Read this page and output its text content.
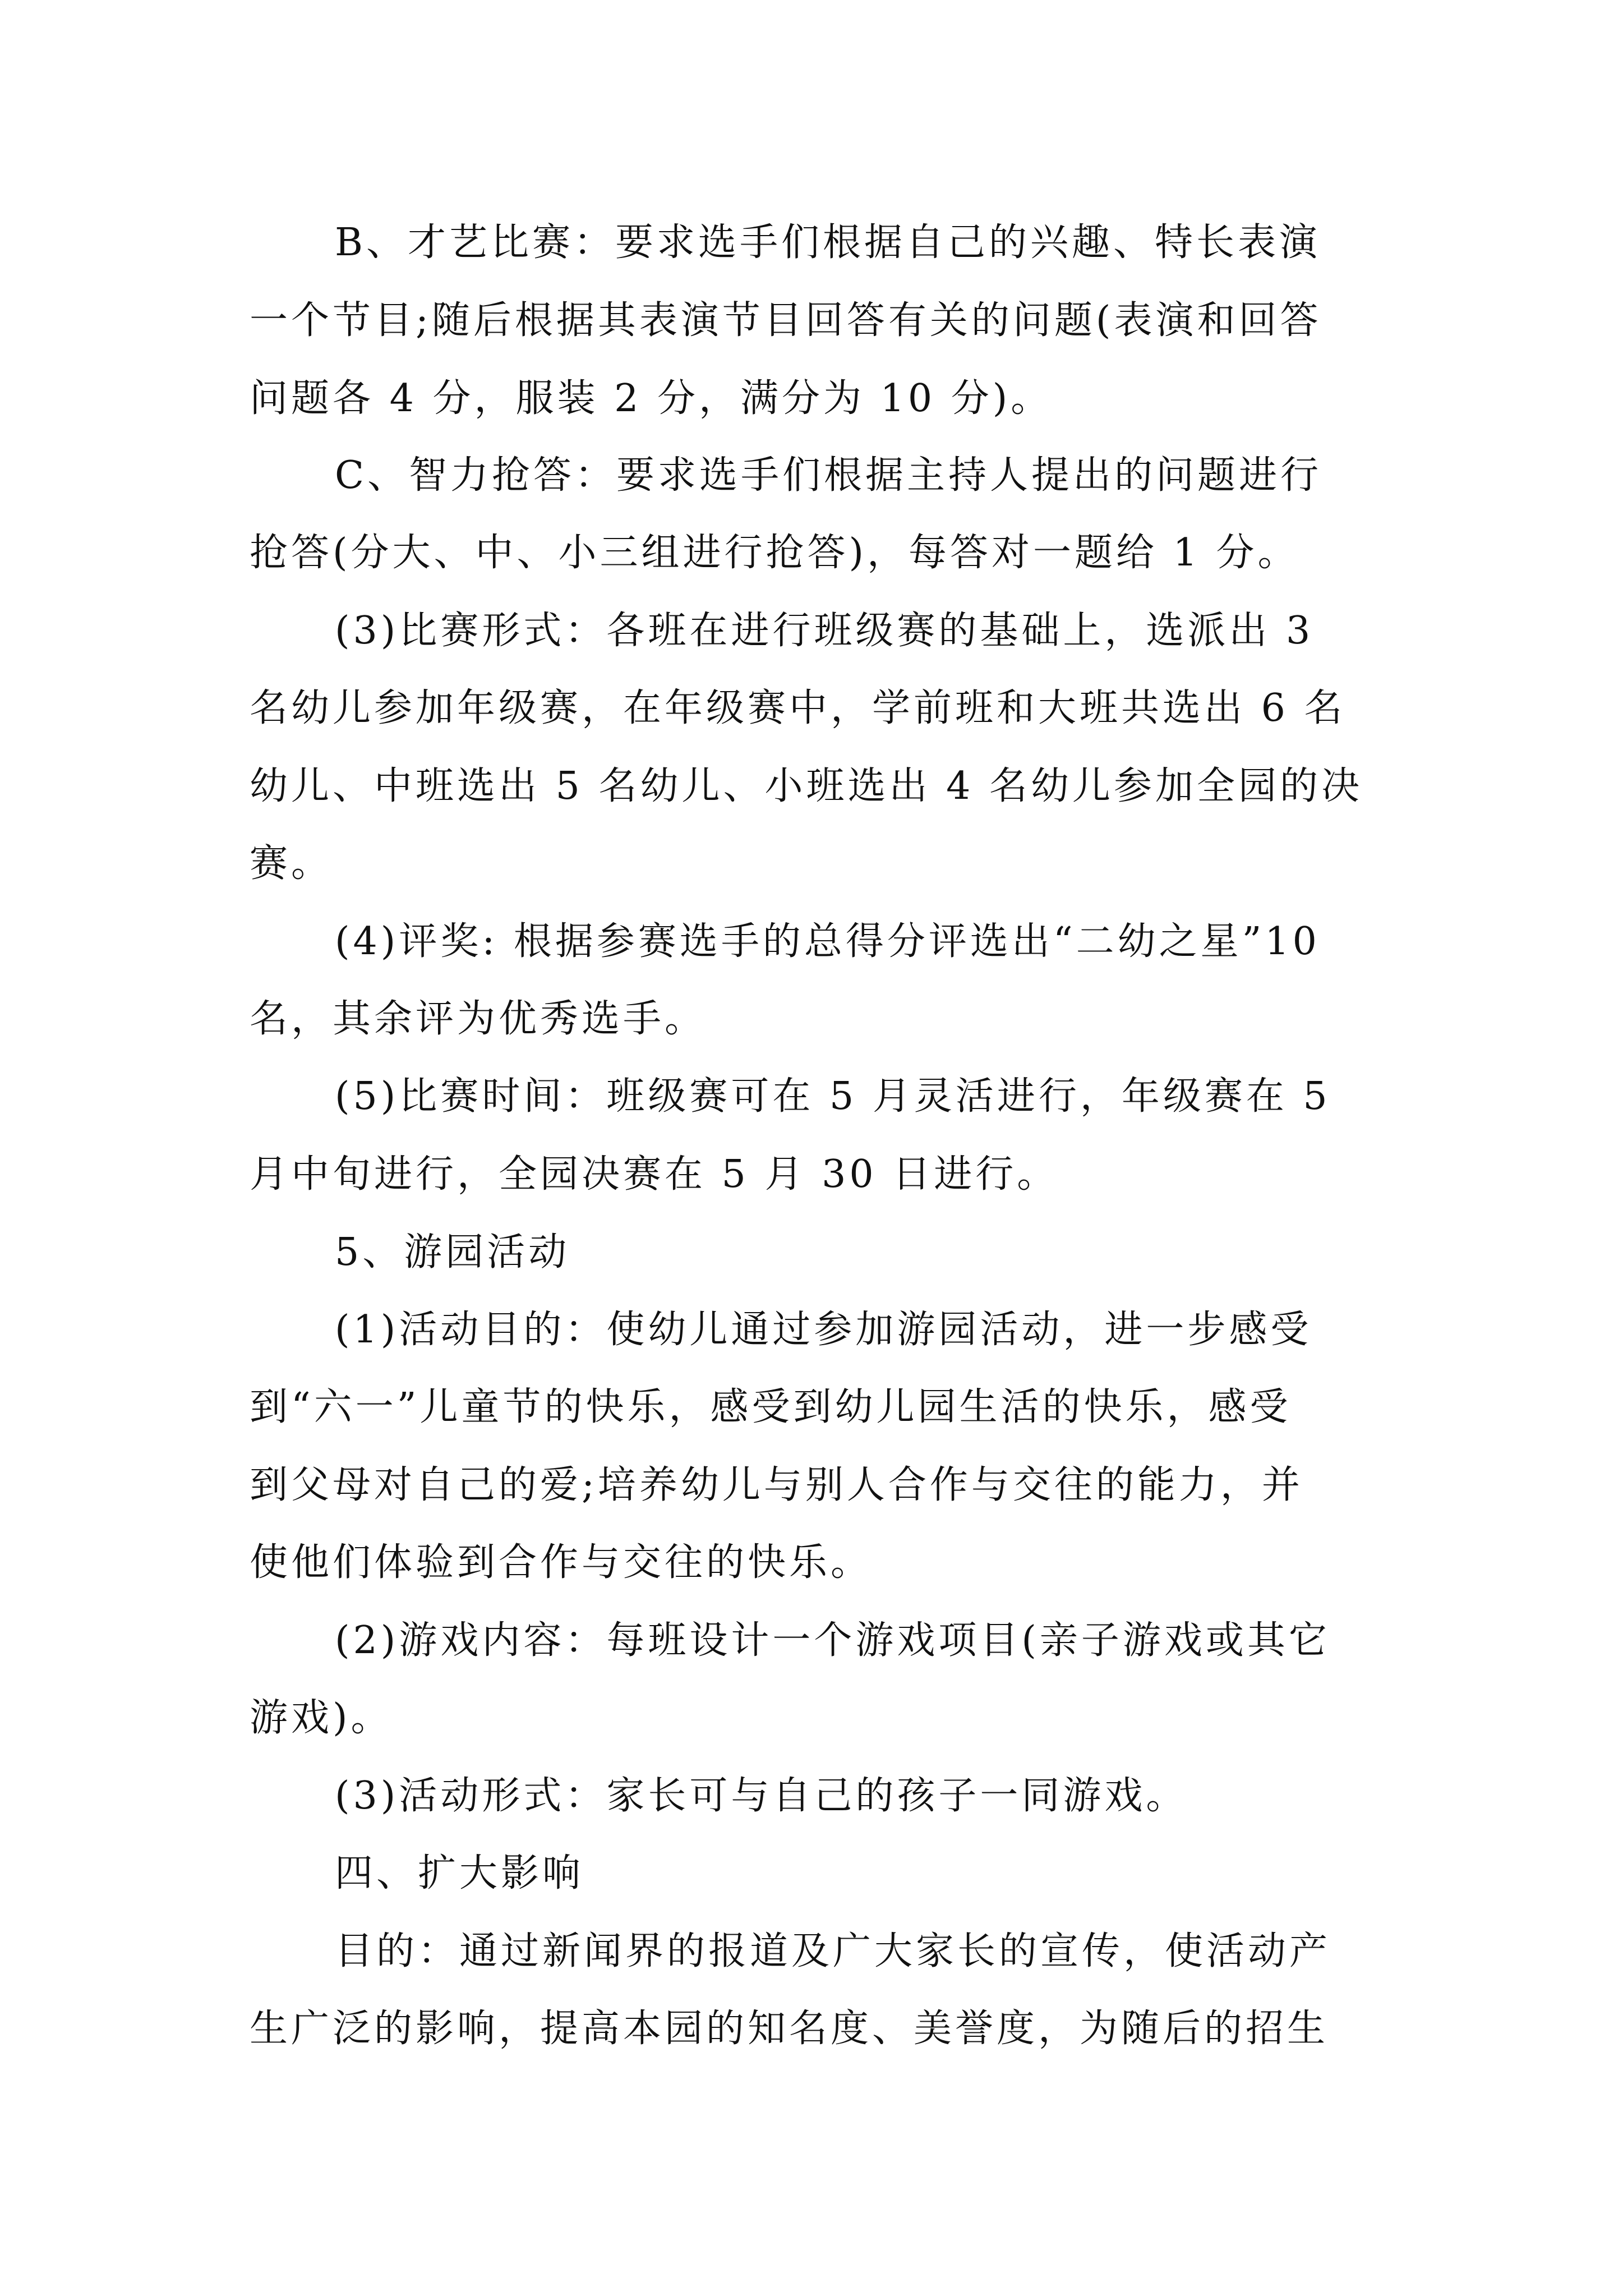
B、才艺比赛：要求选手们根据自己的兴趣、特长表演
一个节目;随后根据其表演节目回答有关的问题(表演和回答
问题各 4 分，服装 2 分，满分为 10 分)。
C、智力抢答：要求选手们根据主持人提出的问题进行
抢答(分大、中、小三组进行抢答)，每答对一题给 1 分。
(3)比赛形式：各班在进行班级赛的基础上，选派出 3
名幼儿参加年级赛，在年级赛中，学前班和大班共选出 6 名
幼儿、中班选出 5 名幼儿、小班选出 4 名幼儿参加全园的决
赛。
(4)评奖: 根据参赛选手的总得分评选出“二幼之星”10
名，其余评为优秀选手。
(5)比赛时间：班级赛可在 5 月灵活进行，年级赛在 5
月中旬进行，全园决赛在 5 月 30 日进行。
5、游园活动
(1)活动目的：使幼儿通过参加游园活动，进一步感受
到“六一”儿童节的快乐，感受到幼儿园生活的快乐，感受
到父母对自己的爱;培养幼儿与别人合作与交往的能力，并
使他们体验到合作与交往的快乐。
(2)游戏内容：每班设计一个游戏项目(亲子游戏或其它
游戏)。
(3)活动形式：家长可与自己的孩子一同游戏。
四、扩大影响
目的：通过新闻界的报道及广大家长的宣传，使活动产
生广泛的影响，提高本园的知名度、美誉度，为随后的招生
